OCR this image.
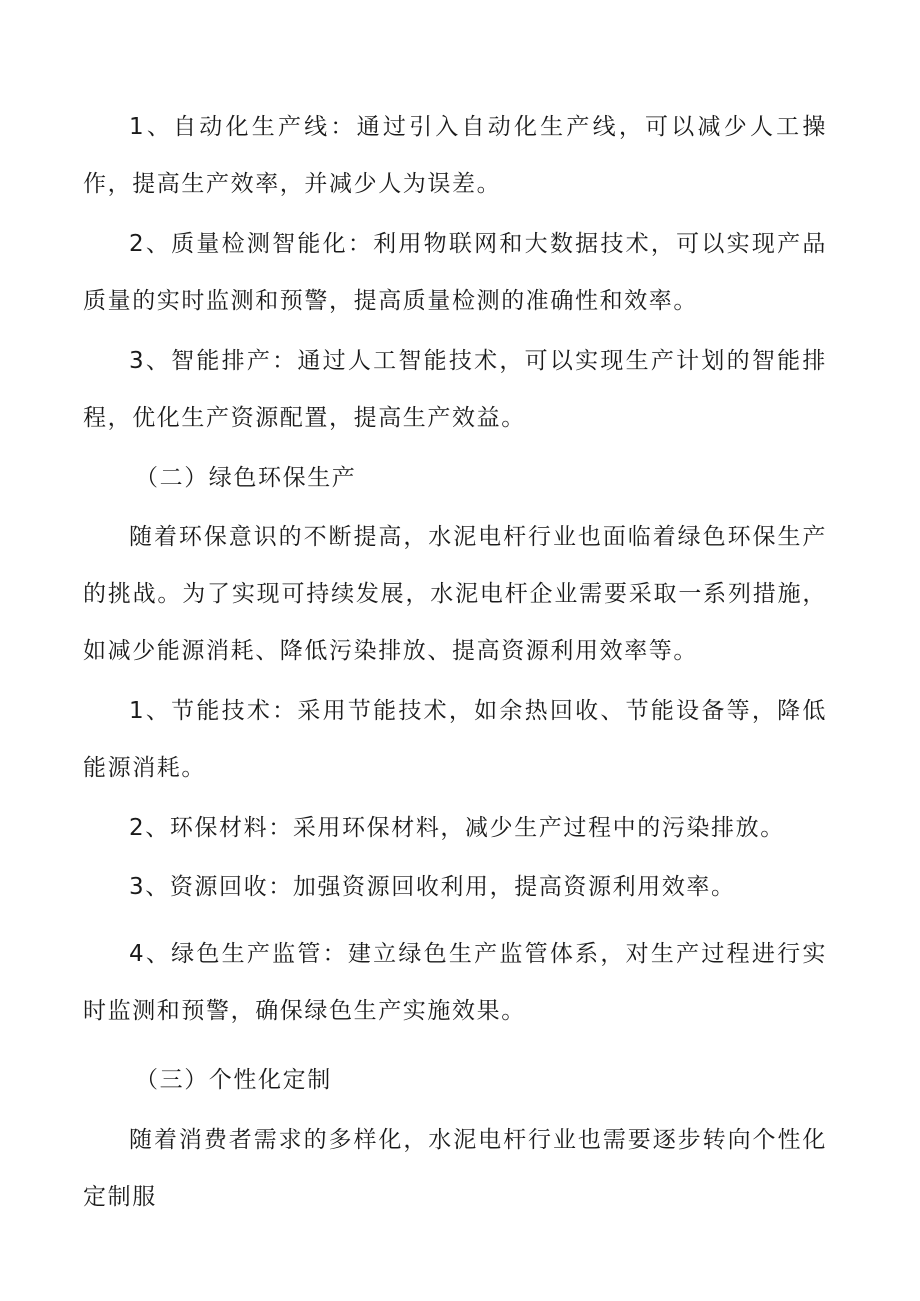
1、自动化生产线：通过引入自动化生产线，可以减少人工操作，提高生产效率，并减少人为误差。

2、质量检测智能化：利用物联网和大数据技术，可以实现产品质量的实时监测和预警，提高质量检测的准确性和效率。

3、智能排产：通过人工智能技术，可以实现生产计划的智能排程，优化生产资源配置，提高生产效益。

（二）绿色环保生产

随着环保意识的不断提高，水泥电杆行业也面临着绿色环保生产的挑战。为了实现可持续发展，水泥电杆企业需要采取一系列措施，如减少能源消耗、降低污染排放、提高资源利用效率等。

1、节能技术：采用节能技术，如余热回收、节能设备等，降低能源消耗。

2、环保材料：采用环保材料，减少生产过程中的污染排放。

3、资源回收：加强资源回收利用，提高资源利用效率。

4、绿色生产监管：建立绿色生产监管体系，对生产过程进行实时监测和预警，确保绿色生产实施效果。

（三）个性化定制

随着消费者需求的多样化，水泥电杆行业也需要逐步转向个性化定制服
